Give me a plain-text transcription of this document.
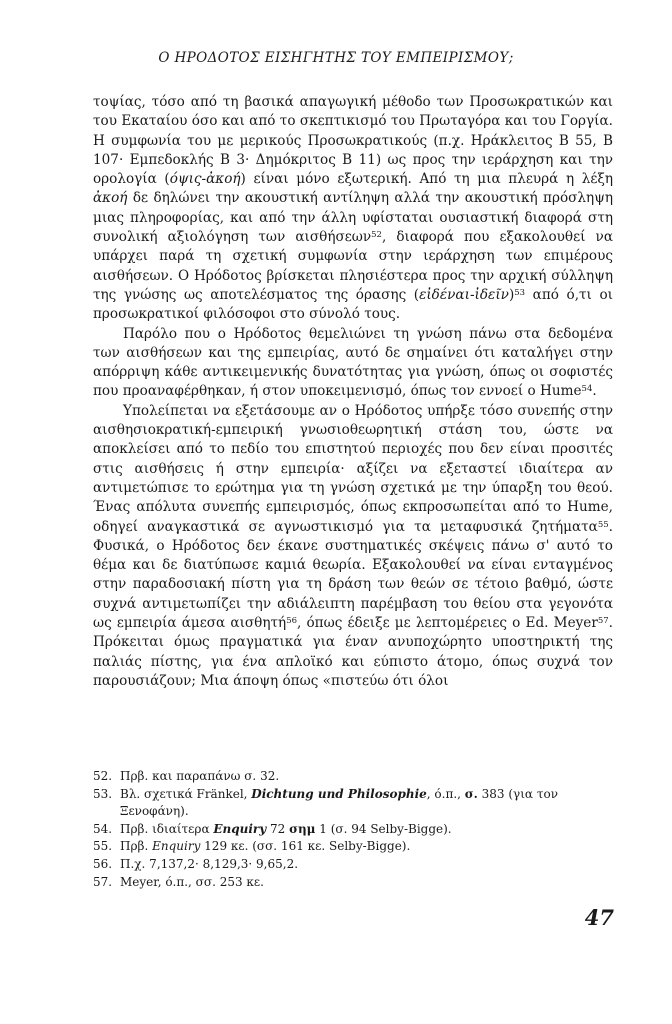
Ο ΗΡΟΔΟΤΟΣ ΕΙΣΗΓΗΤΗΣ ΤΟΥ ΕΜΠΕΙΡΙΣΜΟΥ;

τοψίας, τόσο από τη βασικά απαγωγική μέθοδο των Προσωκρατικών και του Εκαταίου όσο και από το σκεπτικισμό του Πρωταγόρα και του Γοργία. Η συμφωνία του με μερικούς Προσωκρατικούς (π.χ. Ηράκλειτος Β 55, Β 107· Εμπεδοκλής Β 3· Δημόκριτος Β 11) ως προς την ιεράρχηση και την ορολογία (όψις-ἀκοή) είναι μόνο εξωτερική. Από τη μια πλευρά η λέξη ἀκοή δε δηλώνει την ακουστική αντίληψη αλλά την ακουστική πρόσληψη μιας πληροφορίας, και από την άλλη υφίσταται ουσιαστική διαφορά στη συνολική αξιολόγηση των αισθήσεων$^{52}$, διαφορά που εξακολουθεί να υπάρχει παρά τη σχετική συμφωνία στην ιεράρχηση των επιμέρους αισθήσεων. Ο Ηρόδοτος βρίσκεται πλησιέστερα προς την αρχική σύλληψη της γνώσης ως αποτελέσματος της όρασης (εἰδέναι-ἰδεῖν)$^{53}$ από ό,τι οι προσωκρατικοί φιλόσοφοι στο σύνολό τους.

Παρόλο που ο Ηρόδοτος θεμελιώνει τη γνώση πάνω στα δεδομένα των αισθήσεων και της εμπειρίας, αυτό δε σημαίνει ότι καταλήγει στην απόρριψη κάθε αντικειμενικής δυνατότητας για γνώση, όπως οι σοφιστές που προαναφέρθηκαν, ή στον υποκειμενισμό, όπως τον εννοεί ο Hume$^{54}$.

Υπολείπεται να εξετάσουμε αν ο Ηρόδοτος υπήρξε τόσο συνεπής στην αισθησιοκρατική-εμπειρική γνωσιοθεωρητική στάση του, ώστε να αποκλείσει από το πεδίο του επιστητού περιοχές που δεν είναι προσιτές στις αισθήσεις ή στην εμπειρία· αξίζει να εξεταστεί ιδιαίτερα αν αντιμετώπισε το ερώτημα για τη γνώση σχετικά με την ύπαρξη του θεού. Ένας απόλυτα συνεπής εμπειρισμός, όπως εκπροσωπείται από το Hume, οδηγεί αναγκαστικά σε αγνωστικισμό για τα μεταφυσικά ζητήματα$^{55}$. Φυσικά, ο Ηρόδοτος δεν έκανε συστηματικές σκέψεις πάνω σ' αυτό το θέμα και δε διατύπωσε καμιά θεωρία. Εξακολουθεί να είναι ενταγμένος στην παραδοσιακή πίστη για τη δράση των θεών σε τέτοιο βαθμό, ώστε συχνά αντιμετωπίζει την αδιάλειπτη παρέμβαση του θείου στα γεγονότα ως εμπειρία άμεσα αισθητή$^{56}$, όπως έδειξε με λεπτομέρειες ο Ed. Meyer$^{57}$. Πρόκειται όμως πραγματικά για έναν ανυποχώρητο υποστηρικτή της παλιάς πίστης, για ένα απλοϊκό και εύπιστο άτομο, όπως συχνά τον παρουσιάζουν; Μια άποψη όπως «πιστεύω ότι όλοι

52. Πρβ. και παραπάνω σ. 32.

53. Βλ. σχετικά Fränkel, Dichtung und Philosophie, ό.π., σ. 383 (για τον Ξενοφάνη).

54. Πρβ. ιδιαίτερα Enquiry 72 σημ 1 (σ. 94 Selby-Bigge).

55. Πρβ. Enquiry 129 κε. (σσ. 161 κε. Selby-Bigge).

56. Π.χ. 7,137,2· 8,129,3· 9,65,2.

57. Meyer, ό.π., σσ. 253 κε.

47
